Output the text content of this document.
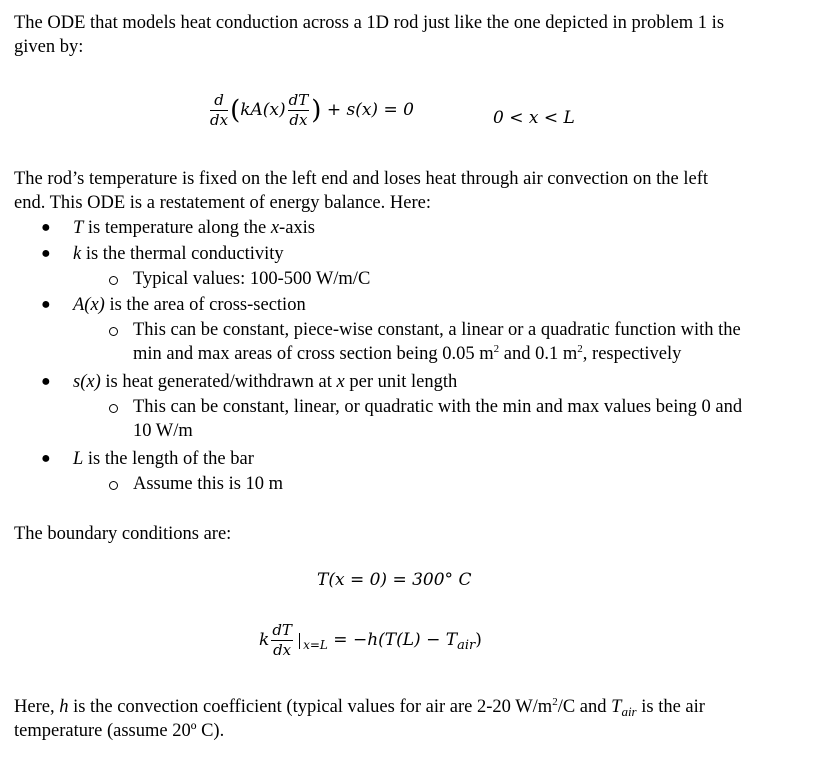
The ODE that models heat conduction across a 1D rod just like the one depicted in problem 1 is
given by:
$\frac{d}{dx} (kA(x) \frac{dT}{dx}$ ) + s(x) = 0	0 < x < L
The rod’s temperature is fixed on the left end and loses heat through air convection on the left
end. This ODE is a restatement of energy balance. Here:
● T is temperature along the x-axis
● k is the thermal conductivity
Typical values: 100-500 W/m/C
● A(x) is the area of cross-section
This can be constant, piece-wise constant, a linear or a quadratic function with the
min and max areas of cross section being 0.05 $m^2$ and 0.1 $m^2$, respectively
● s(x) is heat generated/withdrawn at x per unit length
This can be constant, linear, or quadratic with the min and max values being 0 and
10 W/m
● L is the length of the bar
Assume this is 10 m
The boundary conditions are:
T(x = 0) = 300° C
k $\frac{dT}{dx} _{x=L} = -h(T(L) - T_{air})$
Here, h is the convection coefficient (typical values for air are 2-20 $W/m^2/C$ and $T_{air}$ is the air
temperature (assume 20º C).
